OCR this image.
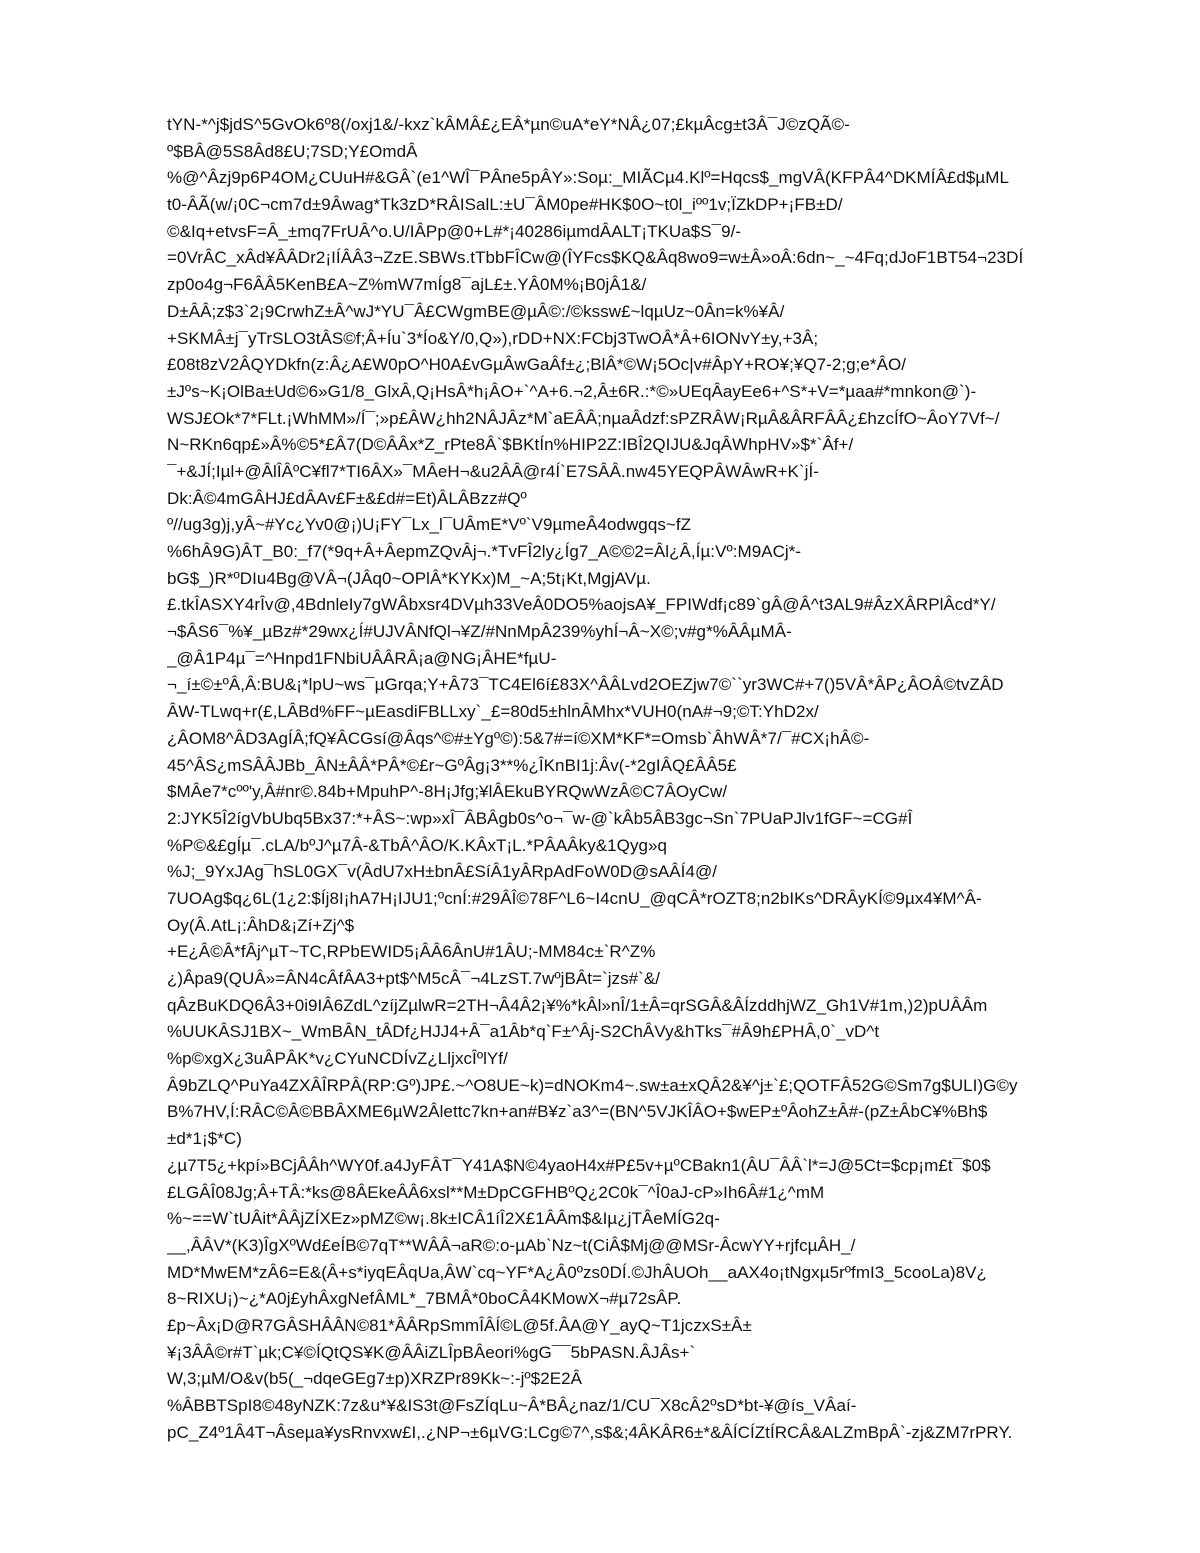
tYN-*^j$jdS^5GvOk6º8(/oxj1&/-kxz`kÂMÂ£¿EÂ*µn©uA*eY*NÂ¿07;£kµÂcg±t3Â¯J©zQÃ©-
º$BÂ@5S8Âd8£U;7SD;Y£OmdÂ
%@^Âzj9p6P4OM¿CUuH#&GÂ`(e1^WÎ¯PÂne5pÂY»:Soµ:_MIÃCµ4.Klº=Hqcs$_mgVÂ(KFPÂ4^DKMÍÂ£d$µML
t0-ÂÃ(w/¡0C¬cm7d±9Âwag*Tk3zD*RÂISalL:±U¯ÂM0pe#HK$0O~t0l_iºº1v;ÏZkDP+¡FB±D/
©&Iq+etvsF=Â_±mq7FrUÂ^o.U/IÂPp@0+L#*¡40286iµmdÂALT¡TKUa$S¯9/-
=0VrÂC_xÂd¥ÂÂDr2¡IÍÂÂ3¬ZzE.SBWs.tTbbFÎCw@(ÎYFcs$KQ&Âq8wo9=w±Â»oÂ:6dn~_~4Fq;dJoF1BT54¬23DÍ
zp0o4g¬F6ÂÂ5KenB£A~Z%mW7mÍg8¯ajL£±.YÂ0M%¡B0jÂ1&/
D±ÂÂ;z$3`2¡9CrwhZ±Â^wJ*YU¯Â£CWgmBE@µÂ©:/©kssw£~lqµUz~0Ân=k%¥Â/
+SKMÂ±j¯yTrSLO3tÂS©f;Â+Íu`3*Ío&Y/0,Q»),rDD+NX:FCbj3TwOÂ*Â+6IONvY±y,+3Â;
£08t8zV2ÂQYDkfn(z:Â¿A£W0pO^H0A£vGµÂwGaÂf±¿;BlÂ*©W¡5Oc|v#ÂpY+RO¥;¥Q7-2;g;e*ÂO/
±Jºs~K¡OlBa±Ud©6»G1/8_GlxÂ,Q¡HsÂ*h¡ÂO+`^A+6.¬2,Â±6R.:*©»UEqÂayEe6+^S*+V=*µaa#*mnkon@`)-
WSJ£Ok*7*FLt.¡WhMM»/Í¯;»p£ÂW¿hh2NÂJÂz*M`aEÂÂ;nµaÂdzf:sPZRÂW¡RµÂ&ÂRFÂÂ¿£hzcÍfO~ÂoY7Vf~/
N~RKn6qp£»Â%©5*£Â7(D©ÂÂx*Z_rPte8Â`$BKtÍn%HIP2Z:IBÎ2QIJU&JqÂWhpHV»$*`Âf+/
¯+&JÍ;Iµl+@ÂlÎÂºC¥fl7*TI6ÂX»¯MÂeH¬&u2ÂÂ@r4Í`E7SÂÂ.nw45YEQPÂWÂwR+K`jÍ-
Dk:Â©4mGÂHJ£dÂAv£F±&£d#=Et)ÂLÂBzz#Qº
º//ug3g)j,yÂ~#Yc¿Yv0@¡)U¡FY¯Lx_l¯UÂmE*Vº`V9µmeÂ4odwgqs~fZ
%6hÂ9G)ÂT_B0:_f7(*9q+Â+ÂepmZQvÂj¬.*TvFÎ2ly¿Íg7_A©©2=Âl¿Â,Íµ:Vº:M9ACj*-
bG$_)R*ºDIu4Bg@VÂ¬(JÂq0~OPlÂ*KYKx)M_~A;5t¡Kt,MgjAVµ.
£.tkÎASXY4rÎv@,4BdnleIy7gWÂbxsr4DVµh33VeÂ0DO5%aojsA¥_FPIWdf¡c89`gÂ@Â^t3AL9#ÂzXÂRPlÂcd*Y/
¬$ÂS6¯%¥_µBz#*29wx¿Í#UJVÂNfQl¬¥Z/#NnMpÂ239%yhÍ¬Â~X©;v#g*%ÂÂµMÂ-
_@Â1P4µ¯=^Hnpd1FNbiUÂÂRÂ¡a@NG¡ÂHE*fµU-
¬_í±©±ºÂ,Â:BU&¡*lpU~ws¯µGrqa;Y+Â73¯TC4El6í£83X^ÂÂLvd2OEZjw7©``yr3WC#+7()5VÂ*ÂP¿ÂOÂ©tvZÂD
ÂW-TLwq+r(£,LÂBd%FF~µEasdiFBLLxy`_£=80d5±hlnÂMhx*VUH0(nA#¬9;©T:YhD2x/
¿ÂOM8^ÂD3AgÍÂ;fQ¥ÂCGsí@Âqs^©#±Ygº©):5&7#=í©XM*KF*=Omsb`ÂhWÂ*7/¯#CX¡hÂ©-
45^ÂS¿mSÂÂJBb_ÂN±ÂÂ*PÂ*©£r~GºÂg¡3**%¿ÎKnBI1j:Âv(-*2gIÂQ£ÂÂ5£
$MÂe7*cºº'y,Â#nr©.84b+MpuhP^-8H¡Jfg;¥lÂEkuBYRQwWzÂ©C7ÂOyCw/
2:JYK5Î2ígVbUbq5Bx37:*+ÂS~:wp»xÎ¯ÂBÂgb0s^o¬¯w-@`kÂb5ÂB3gc¬Sn`7PUaPJlv1fGF~=CG#Î
%P©&£gÍµ¯.cLA/bºJ^µ7Â-&TbÂ^ÂO/K.KÂxT¡L.*PÂAÂky&1Qyg»q
%J;_9YxJAg¯hSL0GX¯v(ÂdU7xH±bnÂ£SíÂ1yÂRpAdFoW0D@sAÂÍ4@/
7UOAg$q¿6L(1¿2:$Íj8I¡hA7H¡IJU1;ºcnÍ:#29ÂÎ©78F^L6~I4cnU_@qCÂ*rOZT8;n2bIKs^DRÂyKÍ©9µx4¥M^Â-
Oy(Â.AtL¡:ÂhD&¡Zí+Zj^$
+E¿Â©Â*fÂj^µT~TC,RPbEWID5¡ÂÂ6ÂnU#1ÂU;-MM84c±`R^Z%
¿)Âpa9(QUÂ»=ÂN4cÂfÂA3+pt$^M5cÂ¯¬4LzST.7wºjBÂt=`jzs#`&/
qÂzBuKDQ6Â3+0i9IÂ6ZdL^zíjZµlwR=2TH¬Â4Â2¡¥%*kÂl»nÎ/1±Â=qrSGÂ&ÂÍzddhjWZ_Gh1V#1m,)2)pUÂÂm
%UUKÂSJ1BX~_WmBÂN_tÂDf¿HJJ4+Â¯a1Âb*q`F±^Âj-S2ChÂVy&hTks¯#Â9h£PHÂ,0`_vD^t
%p©xgX¿3uÂPÂK*v¿CYuNCDÍvZ¿LljxcÎºlYf/
Â9bZLQ^PuYa4ZXÂÎRPÂ(RP:Gº)JP£.~^O8UE~k)=dNOKm4~.sw±a±xQÂ2&¥^j±`£;QOTFÂ52G©Sm7g$ULI)G©y
B%7HV,Í:RÂC©Â©BBÂXME6µW2Âlettc7kn+an#B¥z`a3^=(BN^5VJKÎÂO+$wEP±ºÂohZ±Â#-(pZ±ÂbC¥%Bh$
±d*1¡$*C)
¿µ7T5¿+kpí»BCjÂÂh^WY0f.a4JyFÂT¯Y41A$N©4yaoH4x#P£5v+µºCBakn1(ÂU¯ÂÂ`l*=J@5Ct=$cp¡m£t¯$0$
£LGÂÎ08Jg;Â+TÂ:*ks@8ÂEkeÂÂ6xsl**M±DpCGFHBºQ¿2C0k¯^Î0aJ-cP»Ih6Â#1¿^mM
%~==W`tUÂit*ÂÂjZÍXEz»pMZ©w¡.8k±ICÂ1íÎ2X£1ÂÂm$&Iµ¿jTÂeMÍG2q-
__,ÂÂV*(K3)ÎgXºWd£eÍB©7qT**WÂÂ¬aR©:o-µAb`Nz~t(CiÂ$Mj@@MSr-ÂcwYY+rjfcµÂH_/
MD*MwEM*zÂ6=E&(Â+s*iyqEÂqUa,ÂW`cq~YF*A¿Â0ºzs0DÍ.©JhÂUOh__aAX4o¡tNgxµ5rºfmI3_5cooLa)8V¿
8~RIXU¡)~¿*A0j£yhÂxgNefÂML*_7BMÂ*0boCÂ4KMowX¬#µ72sÂP.
£p~Âx¡D@R7GÂSHÂÂN©81*ÂÂRpSmmÎÂÍ©L@5f.ÂA@Y_ayQ~T1jczxS±Â±
¥¡3ÂÂ©r#T`µk;C¥©ÍQtQS¥K@ÂÂiZLÎpBÂeori%gG¯¯5bPASN.ÂJÂs+`
W,3;µM/O&v(b5(_¬dqeGEg7±p)XRZPr89Kk~:-jº$2E2Â
%ÂBBTSpI8©48yNZK:7z&u*¥&IS3t@FsZÍqLu~Â*BÂ¿naz/1/CU¯X8cÂ2ºsD*bt-¥@ís_VÂaí-
pC_Z4º1Â4T¬Âseµa¥ysRnvxw£I,.¿NP¬±6µVG:LCg©7^,s$&;4ÂKÂR6±*&ÂÍCÍZtÍRCÂ&ALZmBpÂ`-zj&ZM7rPRY.
